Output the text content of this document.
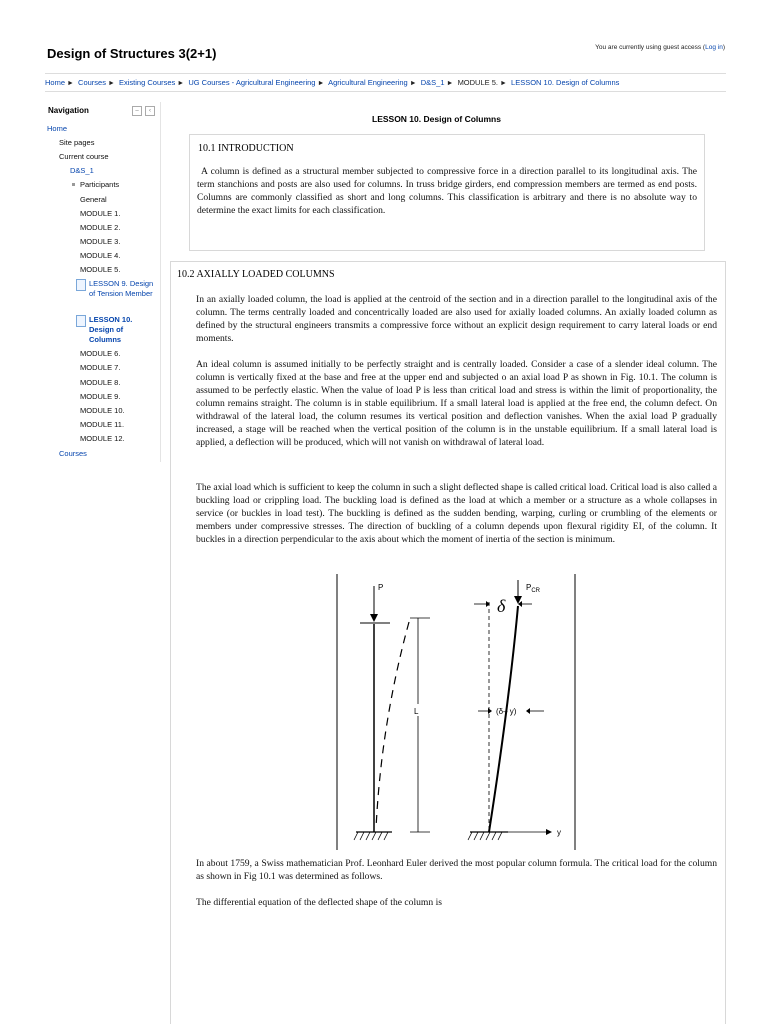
Design of Structures 3(2+1)	You are currently using guest access (Log in)
Home ► Courses ► Existing Courses ► UG Courses - Agricultural Engineering ► Agricultural Engineering ► D&S_1 ► MODULE 5. ► LESSON 10. Design of Columns
Navigation	–	‹
Home
Site pages
Current course
D&S_1
Participants
General
MODULE 1.
MODULE 2.
MODULE 3.
MODULE 4.
MODULE 5.
LESSON 9. Design of Tension Member
LESSON 10. Design of Columns
MODULE 6.
MODULE 7.
MODULE 8.
MODULE 9.
MODULE 10.
MODULE 11.
MODULE 12.
Courses
LESSON 10. Design of Columns
10.1 INTRODUCTION

A column is defined as a structural member subjected to compressive force in a direction parallel to its longitudinal axis. The term stanchions and posts are also used for columns. In truss bridge girders, end compression members are termed as end posts. Columns are commonly classified as short and long columns. This classification is arbitrary and there is no absolute way to determine the exact limits for each classification.

10.2 AXIALLY LOADED COLUMNS

In an axially loaded column, the load is applied at the centroid of the section and in a direction parallel to the longitudinal axis of the column. The terms centrally loaded and concentrically loaded are also used for axially loaded columns. An axially loaded column as defined by the structural engineers transmits a compressive force without an explicit design requirement to carry lateral loads or end moments.

An ideal column is assumed initially to be perfectly straight and is centrally loaded. Consider a case of a slender ideal column. The column is vertically fixed at the base and free at the upper end and subjected o an axial load P as shown in Fig. 10.1. The column is assumed to be perfectly elastic. When the value of load P is less than critical load and stress is within the limit of proportionality, the column remains straight. The column is in stable equilibrium. If a small lateral load is applied at the free end, the column defect. On withdrawal of the lateral load, the column resumes its vertical position and deflection vanishes. When the axial load P gradually increased, a stage will be reached when the vertical position of the column is in the unstable equilibrium. If a small lateral load is applied, a deflection will be produced, which will not vanish on withdrawal of lateral load.

The axial load which is sufficient to keep the column in such a slight deflected shape is called critical load. Critical load is also called a buckling load or crippling load. The buckling load is defined as the load at which a member or a structure as a whole collapses in service (or buckles in load test). The buckling is defined as the sudden bending, warping, curling or crumbling of the elements or members under compressive stresses. The direction of buckling of a column depends upon flexural rigidity EI, of the column. It buckles in a direction perpendicular to the axis about which the moment of inertia of the section is minimum.

P
L
$P_{CR}$
δ
(δ– y)
y

In about 1759, a Swiss mathematician Prof. Leonhard Euler derived the most popular column formula. The critical load for the column as shown in Fig 10.1 was determined as follows.

The differential equation of the deflected shape of the column is
